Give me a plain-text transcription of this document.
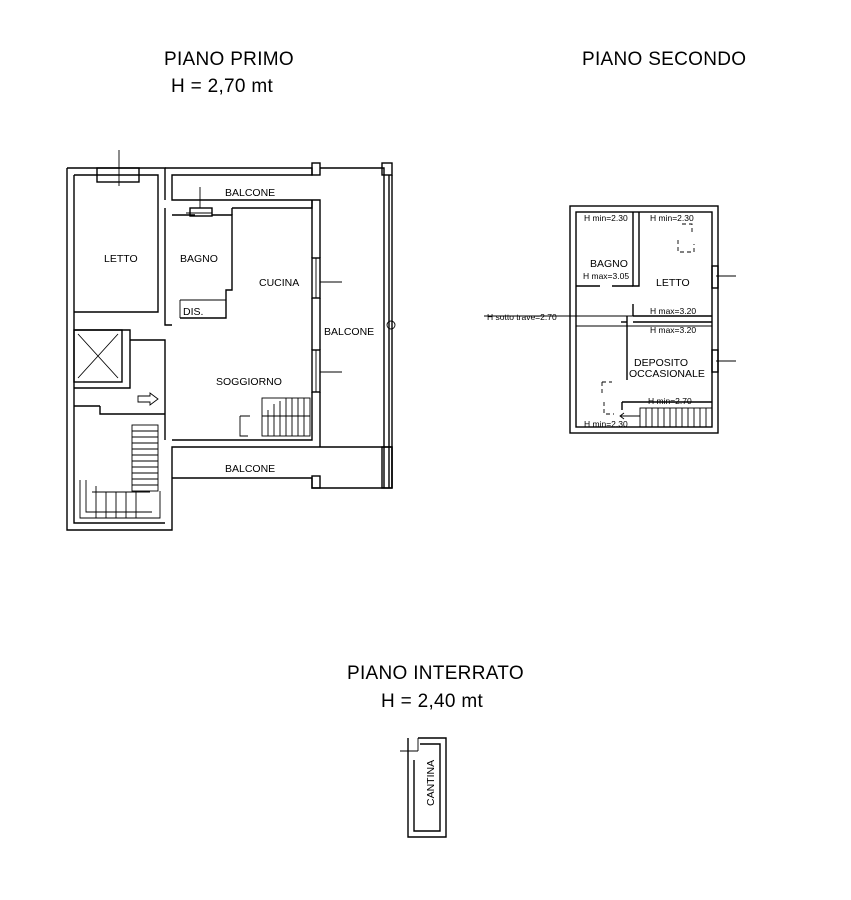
PIANO PRIMO
H = 2,70 mt
PIANO SECONDO
PIANO INTERRATO
H = 2,40 mt
LETTO	BAGNO
DIS.
CUCINA
SOGGIORNO
BALCONE
BALCONE
BALCONE
H min=2.30	H min=2.30
BAGNO
H max=3.05
LETTO
H max=3.20
H sotto trave=2.70
H max=3.20
DEPOSITO
OCCASIONALE
H min=2.70
H min=2.30
CANTINA
